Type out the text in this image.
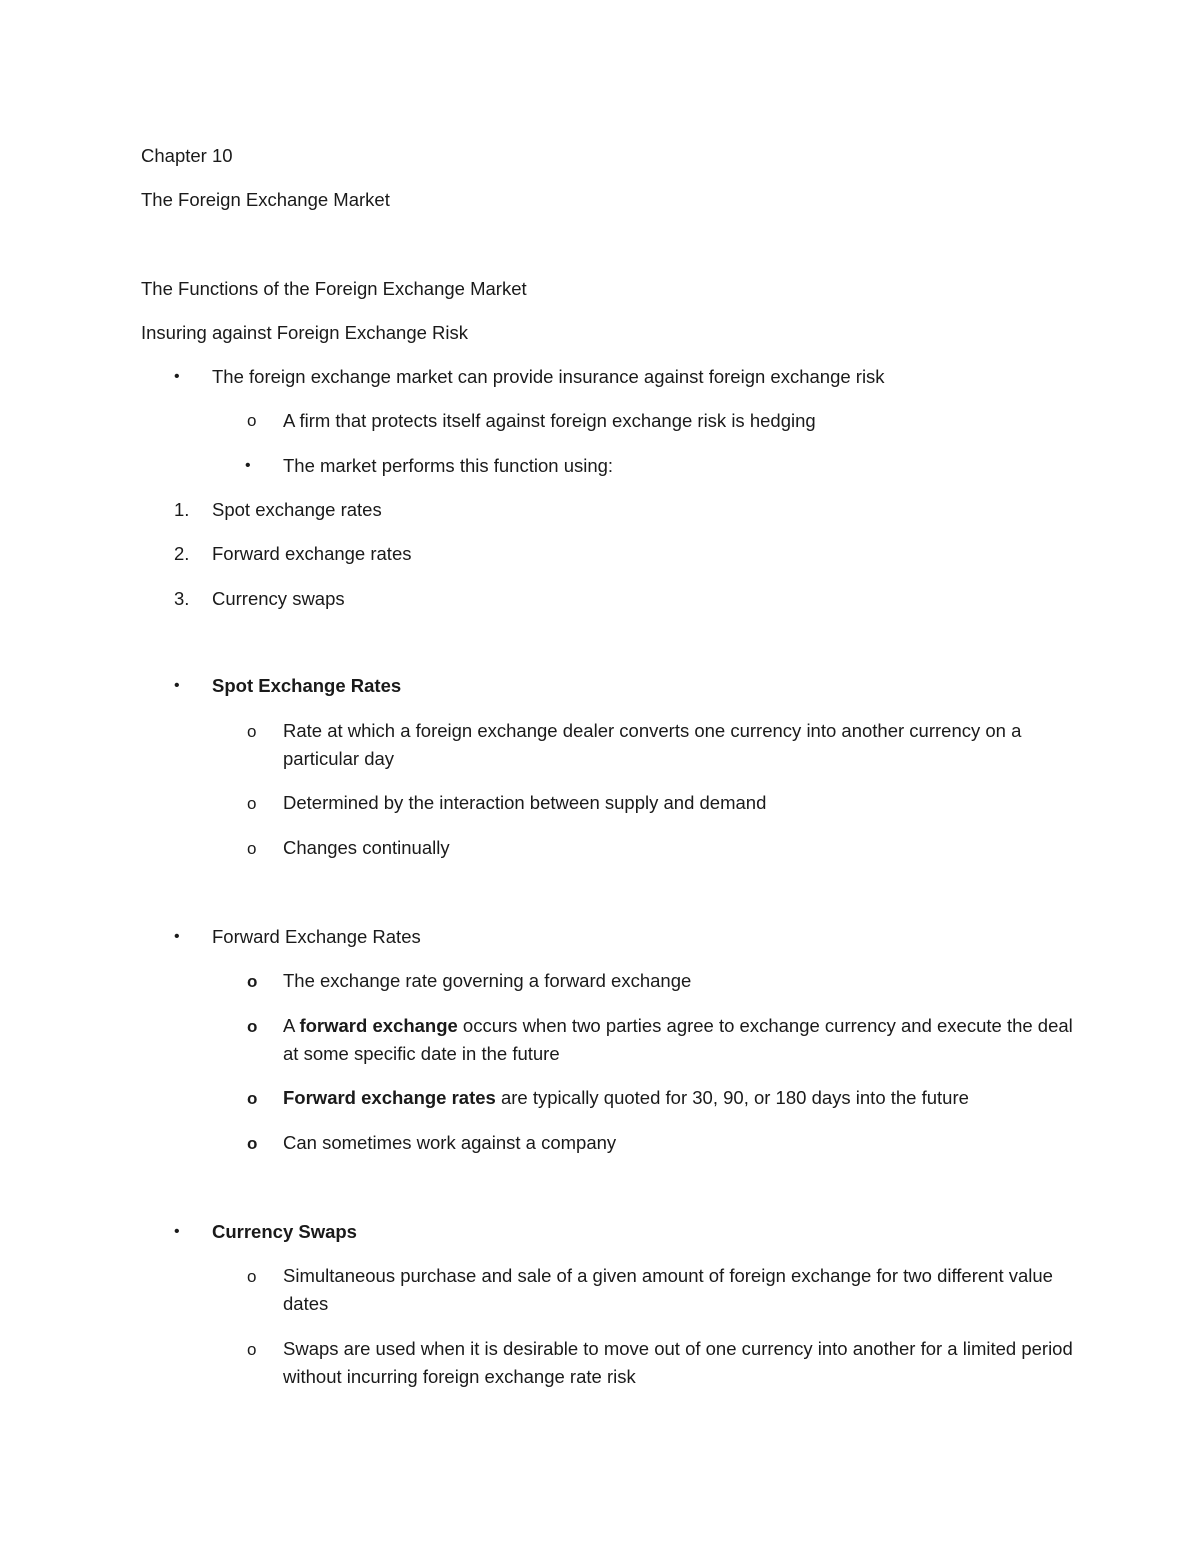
Chapter 10
The Foreign Exchange Market
The Functions of the Foreign Exchange Market
Insuring against Foreign Exchange Risk
• The foreign exchange market can provide insurance against foreign exchange risk
o A firm that protects itself against foreign exchange risk is hedging
• The market performs this function using:
1. Spot exchange rates
2. Forward exchange rates
3. Currency swaps
• Spot Exchange Rates
o Rate at which a foreign exchange dealer converts one currency into another currency on a particular day
o Determined by the interaction between supply and demand
o Changes continually
• Forward Exchange Rates
o The exchange rate governing a forward exchange
o A forward exchange occurs when two parties agree to exchange currency and execute the deal at some specific date in the future
o Forward exchange rates are typically quoted for 30, 90, or 180 days into the future
o Can sometimes work against a company
• Currency Swaps
o Simultaneous purchase and sale of a given amount of foreign exchange for two different value dates
o Swaps are used when it is desirable to move out of one currency into another for a limited period without incurring foreign exchange rate risk
